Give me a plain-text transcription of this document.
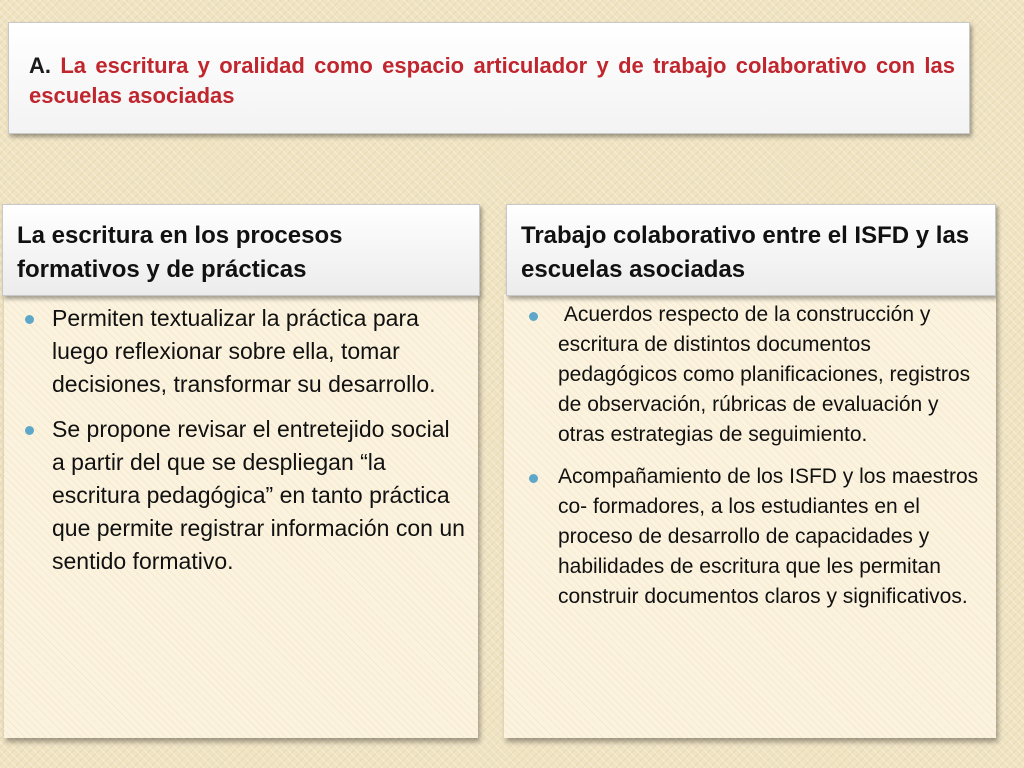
A. La escritura y oralidad como espacio articulador y de trabajo colaborativo con las escuelas asociadas

La escritura en los procesos formativos y de prácticas
Permiten textualizar la práctica para luego reflexionar sobre ella, tomar decisiones, transformar su desarrollo.
Se propone revisar el entretejido social a partir del que se despliegan “la escritura pedagógica” en tanto práctica que permite registrar información con un sentido formativo.
Trabajo colaborativo entre el ISFD y las escuelas asociadas
Acuerdos respecto de la construcción y escritura de distintos documentos pedagógicos como planificaciones, registros de observación, rúbricas de evaluación y otras estrategias de seguimiento.
Acompañamiento de los ISFD y los maestros co- formadores, a los estudiantes en el proceso de desarrollo de capacidades y habilidades de escritura que les permitan construir documentos claros y significativos.
